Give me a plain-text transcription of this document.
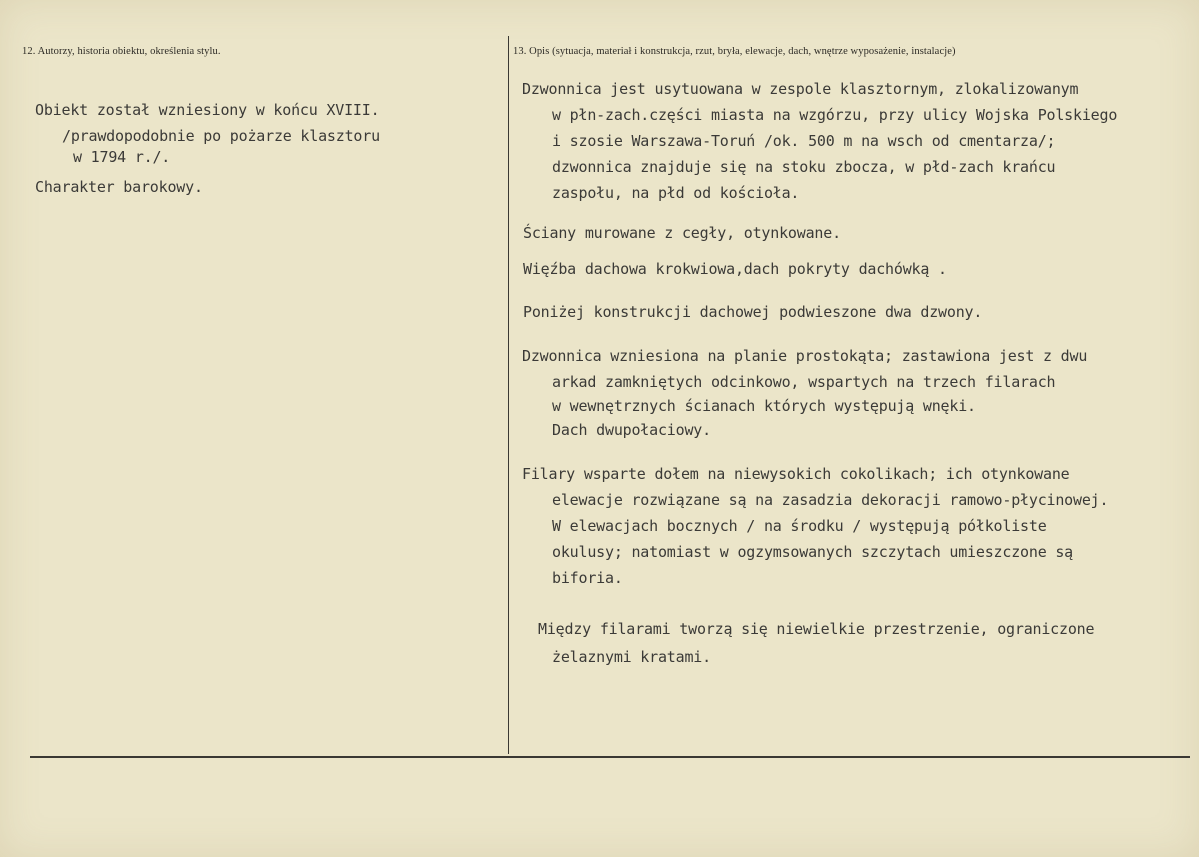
12. Autorzy, historia obiektu, określenia stylu.	13. Opis (sytuacja, materiał i konstrukcja, rzut, bryła, elewacje, dach, wnętrze wyposażenie, instalacje)
Obiekt został wzniesiony w końcu XVIII.
/prawdopodobnie po pożarze klasztoru
w 1794 r./.
Charakter barokowy.
Dzwonnica jest usytuowana w zespole klasztornym, zlokalizowanym
w płn-zach.części miasta na wzgórzu, przy ulicy Wojska Polskiego
i szosie Warszawa-Toruń /ok. 500 m na wsch od cmentarza/;
dzwonnica znajduje się na stoku zbocza, w płd-zach krańcu
zaspołu, na płd od kościoła.
Ściany murowane z cegły, otynkowane.
Więźba dachowa krokwiowa,dach pokryty dachówką .
Poniżej konstrukcji dachowej podwieszone dwa dzwony.
Dzwonnica wzniesiona na planie prostokąta; zastawiona jest z dwu
arkad zamkniętych odcinkowo, wspartych na trzech filarach
w wewnętrznych ścianach których występują wnęki.
Dach dwupołaciowy.
Filary wsparte dołem na niewysokich cokolikach; ich otynkowane
elewacje rozwiązane są na zasadzia dekoracji ramowo-płycinowej.
W elewacjach bocznych / na środku / występują półkoliste
okulusy; natomiast w ogzymsowanych szczytach umieszczone są
biforia.
Między filarami tworzą się niewielkie przestrzenie, ograniczone
żelaznymi kratami.
